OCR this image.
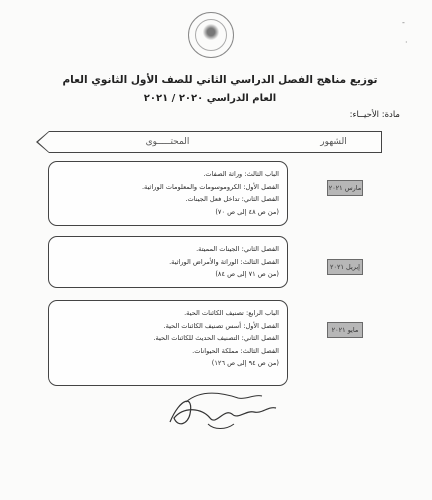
-
·
توزيع مناهج الفصل الدراسي الثاني للصف الأول الثانوي العام
العام الدراسي ٢٠٢٠ / ٢٠٢١
مادة: الأحيــاء:
المحتـــــوى	الشهور
الباب الثالث: وراثة الصفات.
الفصل الأول: الكروموسومات والمعلومات الوراثية.
الفصل الثاني: تداخل فعل الجينات.
(من ص ٤٨ إلى ص ٧٠)
مارس ٢٠٢١
الفصل الثاني: الجينات المميتة.
الفصل الثالث: الوراثة والأمراض الوراثية.
(من ص ٧١ إلى ص ٨٤)
إبريل ٢٠٢١
الباب الرابع: تصنيف الكائنات الحية.
الفصل الأول: أسس تصنيف الكائنات الحية.
الفصل الثاني: التصنيف الحديث للكائنات الحية.
الفصل الثالث: مملكة الحيوانات.
(من ص ٩٤ إلى ص ١٢٦)
مايو ٢٠٢١
